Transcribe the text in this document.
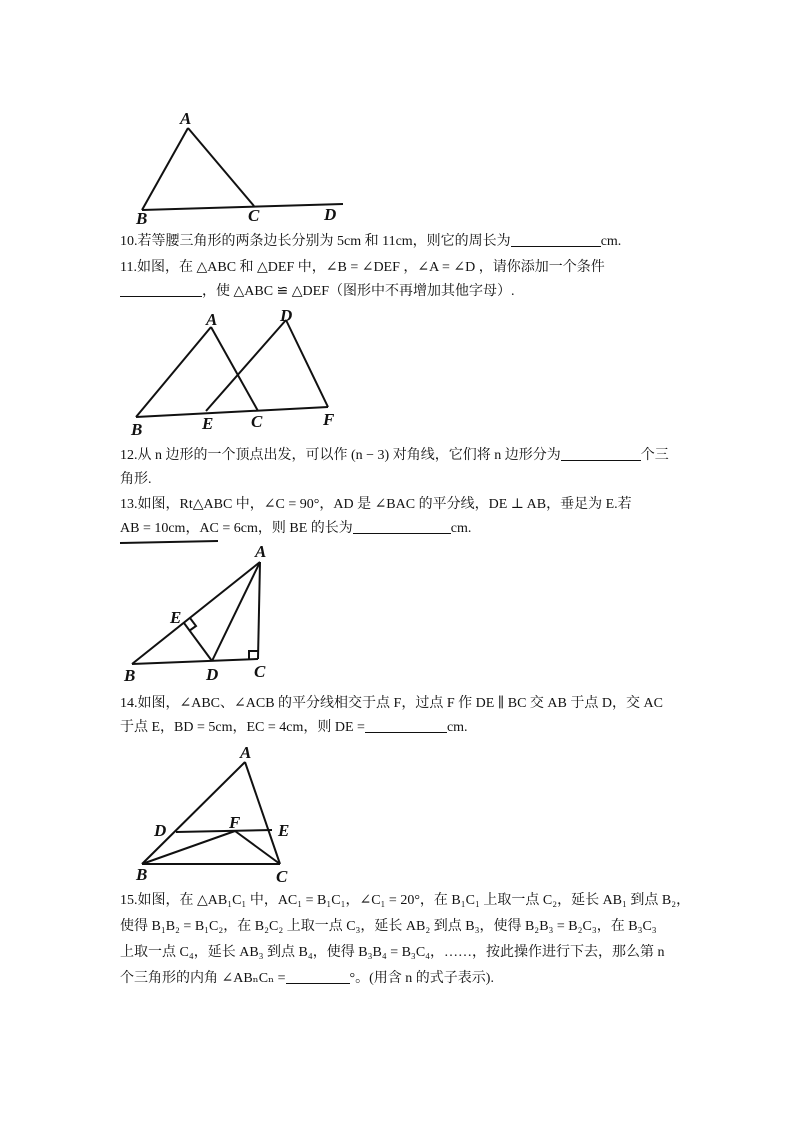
A
B	C	D
10.若等腰三角形的两条边长分别为 5cm 和 11cm，则它的周长为	cm.
11.如图，在 △ABC 和 △DEF 中，∠B = ∠DEF ，∠A = ∠D ，请你添加一个条件
，使 △ABC ≌ △DEF（图形中不再增加其他字母）.
A	D
B	E C	F
12.从 n 边形的一个顶点出发，可以作 (n − 3) 对角线，它们将 n 边形分为	个三
角形.
13.如图，Rt△ABC 中，∠C = 90°，AD 是 ∠BAC 的平分线，DE ⊥ AB，垂足为 E.若
AB = 10cm，AC = 6cm，则 BE 的长为	cm.
A
E
B	D C
14.如图，∠ABC、∠ACB 的平分线相交于点 F，过点 F 作 DE ∥ BC 交 AB 于点 D，交 AC
于点 E，BD = 5cm，EC = 4cm，则 DE =	cm.
A
D	F E
B	C
15.如图，在 △AB₁C₁ 中，AC₁ = B₁C₁，∠C₁ = 20°，在 B₁C₁ 上取一点 C₂，延长 AB₁ 到点 B₂，
使得 B₁B₂ = B₁C₂，在 B₂C₂ 上取一点 C₃，延长 AB₂ 到点 B₃，使得 B₂B₃ = B₂C₃，在 B₃C₃
上取一点 C₄，延长 AB₃ 到点 B₄，使得 B₃B₄ = B₃C₄，……，按此操作进行下去，那么第 n
个三角形的内角 ∠ABₙCₙ =	°。(用含 n 的式子表示).
